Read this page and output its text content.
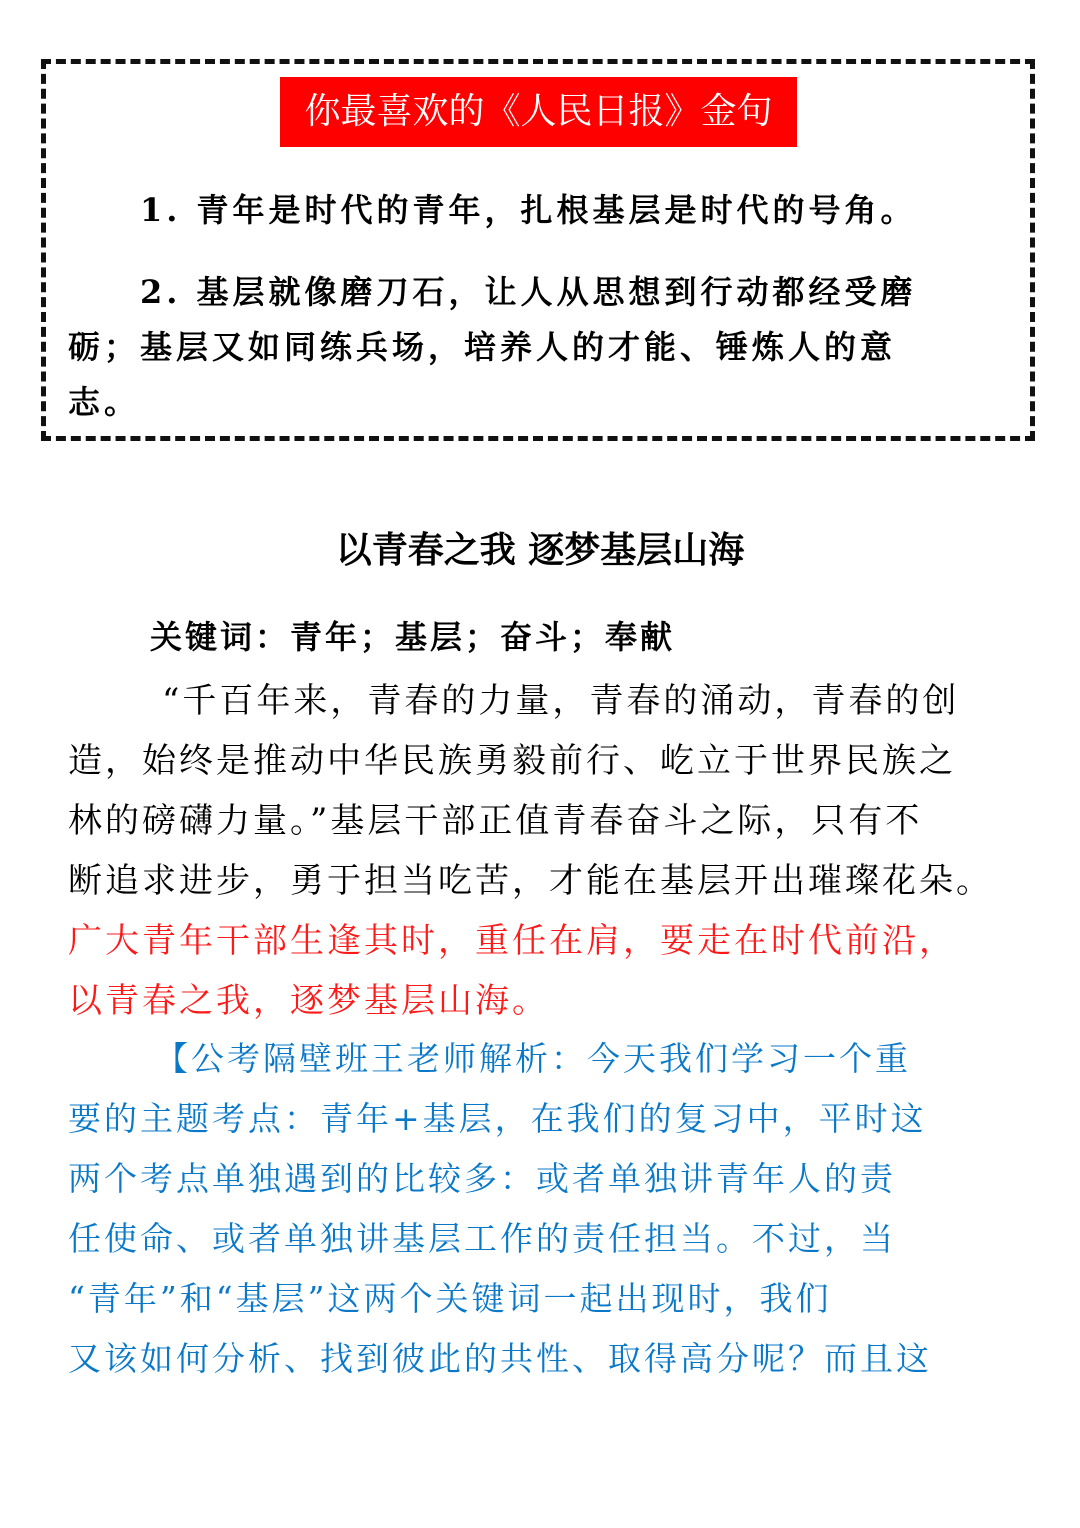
你最喜欢的《人民日报》金句
1. 青年是时代的青年，扎根基层是时代的号角。
2. 基层就像磨刀石，让人从思想到行动都经受磨
砺；基层又如同练兵场，培养人的才能、锤炼人的意
志。
以青春之我 逐梦基层山海
关键词：青年；基层；奋斗；奉献
“千百年来，青春的力量，青春的涌动，青春的创
造，始终是推动中华民族勇毅前行、屹立于世界民族之
林的磅礴力量。”基层干部正值青春奋斗之际，只有不
断追求进步，勇于担当吃苦，才能在基层开出璀璨花朵。
广大青年干部生逢其时，重任在肩，要走在时代前沿，
以青春之我，逐梦基层山海。
【公考隔壁班王老师解析：今天我们学习一个重
要的主题考点：青年+基层，在我们的复习中，平时这
两个考点单独遇到的比较多：或者单独讲青年人的责
任使命、或者单独讲基层工作的责任担当。不过，当
“青年”和“基层”这两个关键词一起出现时，我们
又该如何分析、找到彼此的共性、取得高分呢？而且这
